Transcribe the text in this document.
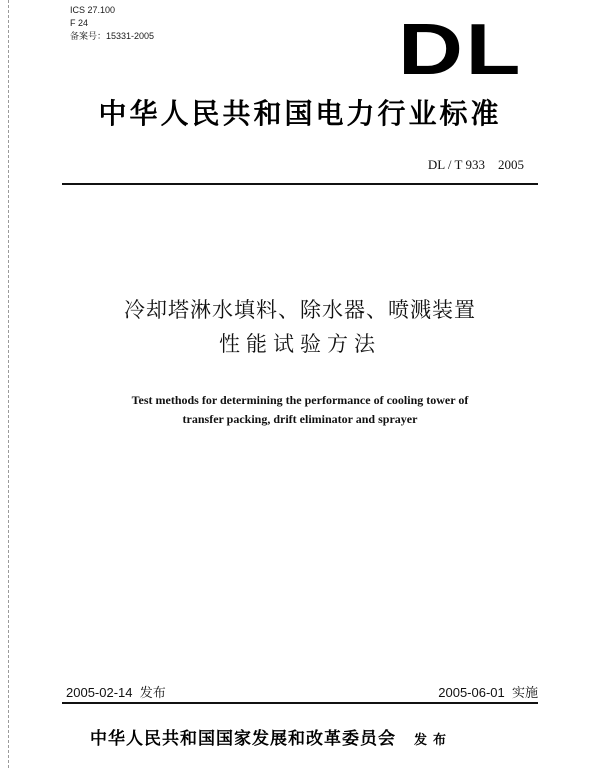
ICS 27.100
F 24
备案号：15331-2005	DL
中华人民共和国电力行业标准
DL / T 933    2005
冷却塔淋水填料、除水器、喷溅装置
性能试验方法
Test methods for determining the performance of cooling tower of
transfer packing, drift eliminator and sprayer
2005-02-14  发布	2005-06-01  实施
中华人民共和国国家发展和改革委员会 发布
